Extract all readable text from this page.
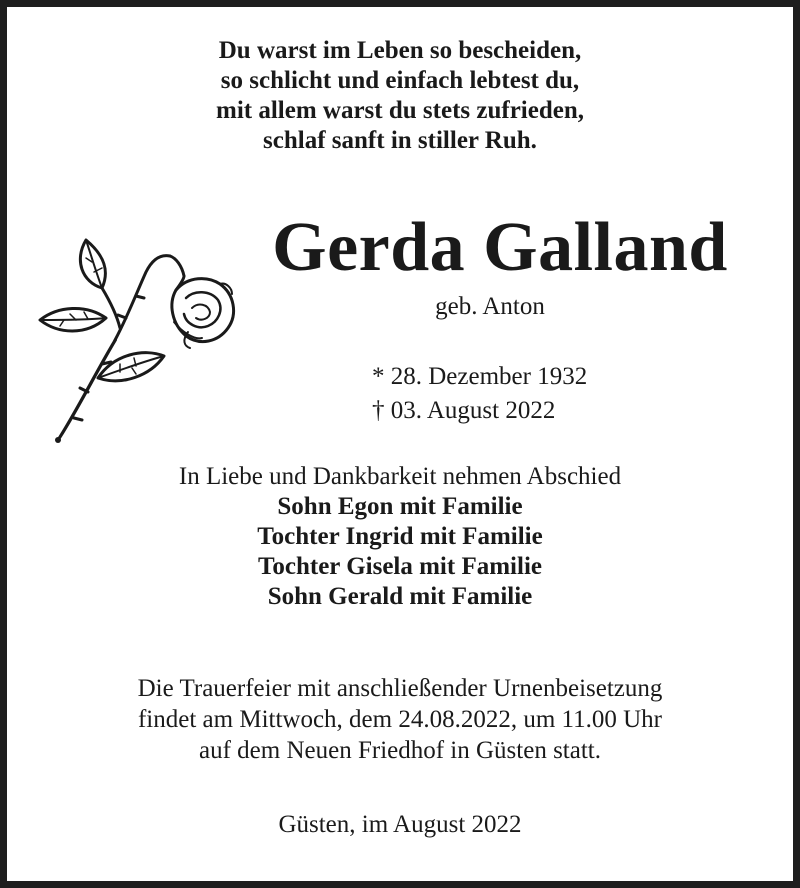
Du warst im Leben so bescheiden,
so schlicht und einfach lebtest du,
mit allem warst du stets zufrieden,
schlaf sanft in stiller Ruh.
Gerda Galland
geb. Anton
* 28. Dezember 1932
† 03. August 2022
In Liebe und Dankbarkeit nehmen Abschied
Sohn Egon mit Familie
Tochter Ingrid mit Familie
Tochter Gisela mit Familie
Sohn Gerald mit Familie
Die Trauerfeier mit anschließender Urnenbeisetzung
findet am Mittwoch, dem 24.08.2022, um 11.00 Uhr
auf dem Neuen Friedhof in Güsten statt.
Güsten, im August 2022
